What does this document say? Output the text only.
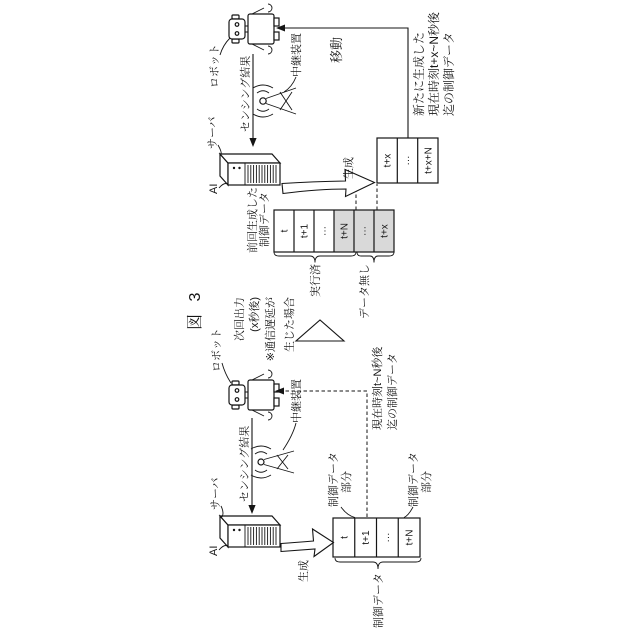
図 3	次回出力 (x秒後) ※通信遅延が 生じた場合
ロボット
中継装置
センシング結果
AI
サーバ
t t+1 ··· t+N
生成
制御データ
制御データ 部分	制御データ 部分
現在時刻t~N秒後 迄の制御データ
ロボット	移動
中継装置
センシング結果
AI
サーバ
前回生成した 制御データ t t+1 ··· t+N ··· t+x
実行済	データ無し
t+x ··· t+x+N
生成
新たに生成した 現在時刻t+x~N秒後 迄の制御データ
